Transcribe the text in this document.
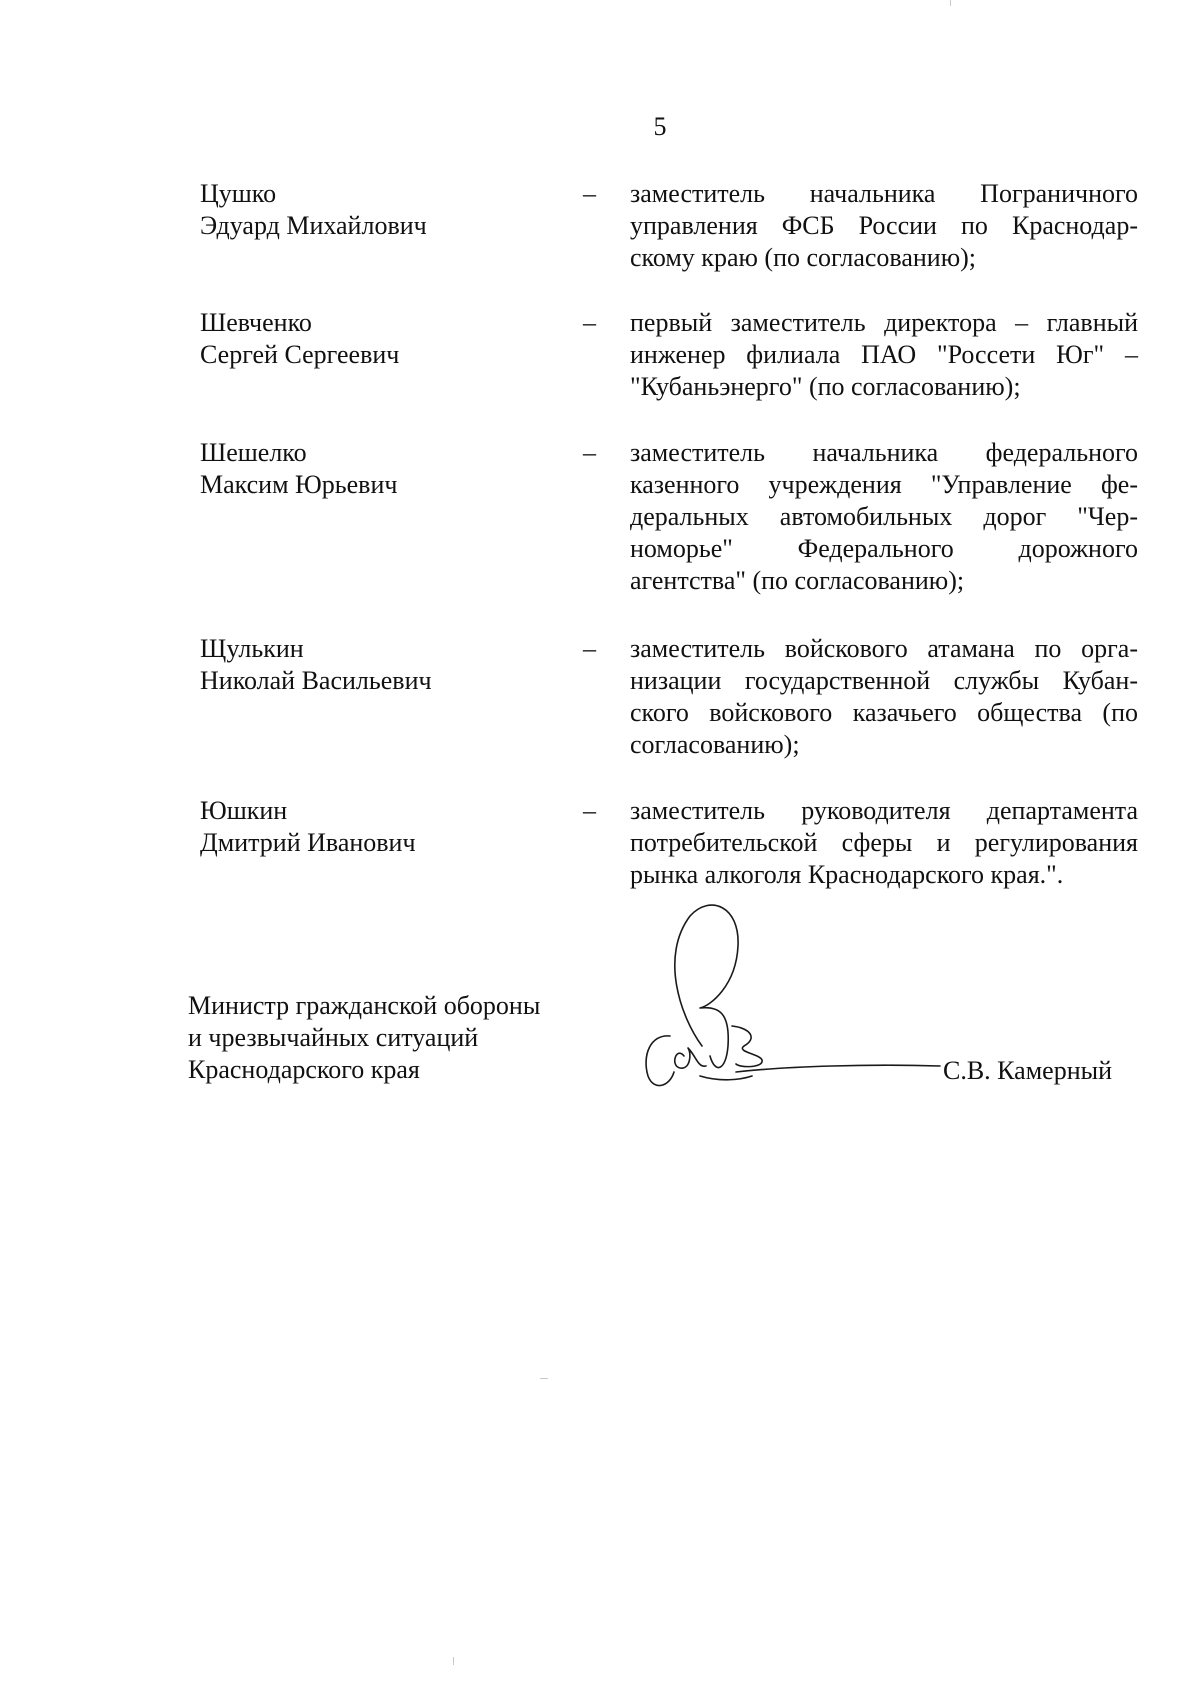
5
Цушко
Эдуард Михайлович
– заместитель начальника Пограничного
управления ФСБ России по Краснодар-
скому краю (по согласованию);
Шевченко
Сергей Сергеевич
– первый заместитель директора – главный
инженер филиала ПАО "Россети Юг" –
"Кубаньэнерго" (по согласованию);
Шешелко
Максим Юрьевич
– заместитель начальника федерального
казенного учреждения "Управление фе-
деральных автомобильных дорог "Чер-
номорье" Федерального дорожного
агентства" (по согласованию);
Щулькин
Николай Васильевич
– заместитель войскового атамана по орга-
низации государственной службы Кубан-
ского войскового казачьего общества (по
согласованию);
Юшкин
Дмитрий Иванович
– заместитель руководителя департамента
потребительской сферы и регулирования
рынка алкоголя Краснодарского края.".
Министр гражданской обороны
и чрезвычайных ситуаций
Краснодарского края	С.В. Камерный
